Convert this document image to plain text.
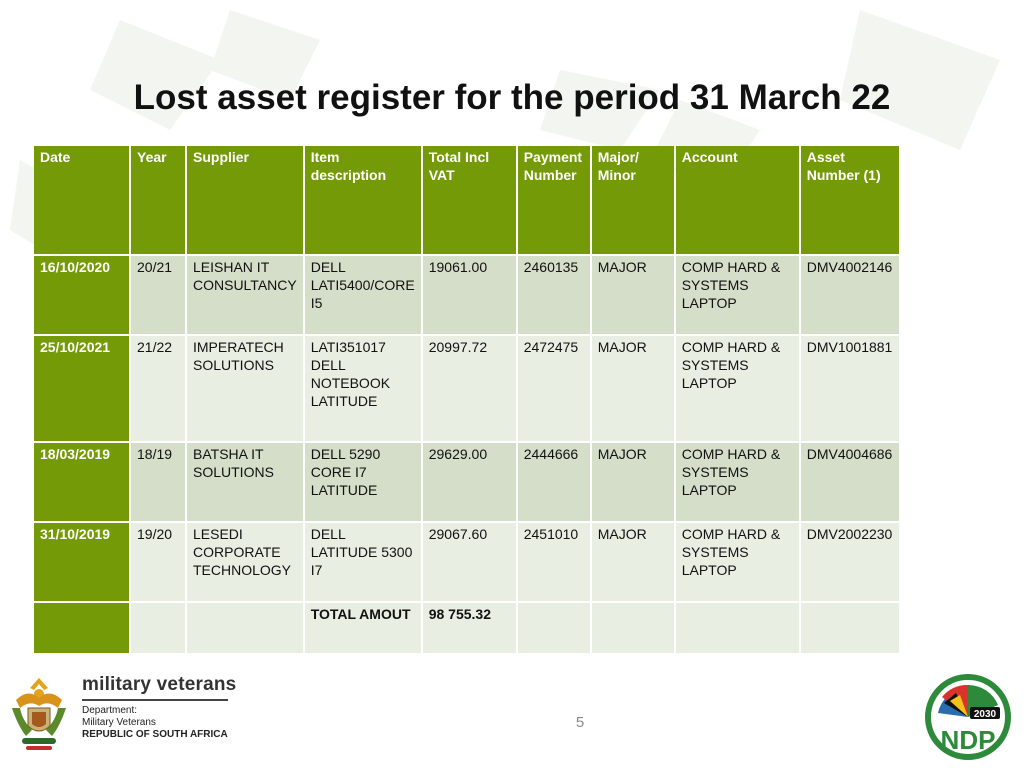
Lost asset register for the period 31 March 22
Date	Year	Supplier	Item description	Total Incl VAT	Payment Number	Major/ Minor	Account	Asset Number (1)
16/10/2020	20/21	LEISHAN IT CONSULTANCY	DELL LATI5400/CORE I5	19061.00	2460135	MAJOR	COMP HARD & SYSTEMS LAPTOP	DMV4002146
25/10/2021	21/22	IMPERATECH SOLUTIONS	LATI351017 DELL NOTEBOOK LATITUDE	20997.72	2472475	MAJOR	COMP HARD & SYSTEMS LAPTOP	DMV1001881
18/03/2019	18/19	BATSHA IT SOLUTIONS	DELL 5290 CORE I7 LATITUDE	29629.00	2444666	MAJOR	COMP HARD & SYSTEMS LAPTOP	DMV4004686
31/10/2019	19/20	LESEDI CORPORATE TECHNOLOGY	DELL LATITUDE 5300 I7	29067.60	2451010	MAJOR	COMP HARD & SYSTEMS LAPTOP	DMV2002230
			TOTAL AMOUT	98 755.32				
military veterans
Department:
Military Veterans
REPUBLIC OF SOUTH AFRICA
5	2030
NDP
